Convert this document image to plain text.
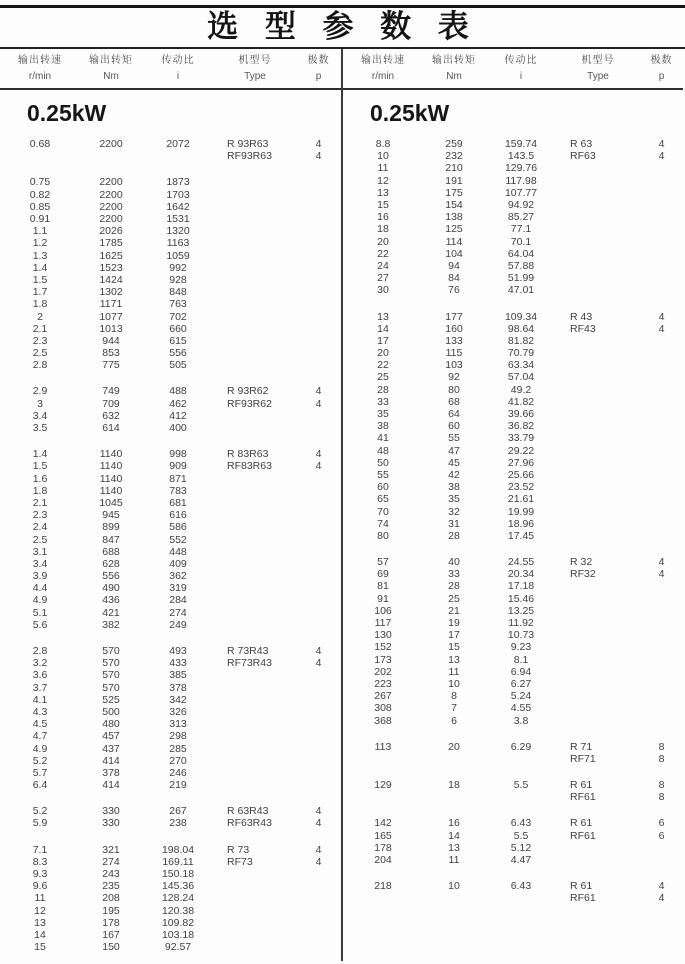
选 型 参 数 表
输出转速
r/min
输出转矩
Nm
传动比
i
机型号
Type
极数
p
0.25kW
0.68	2200	2072	R 93R63	4
RF93R63	4
0.75	2200	1873
0.82	2200	1703
0.85	2200	1642
0.91	2200	1531
1.1	2026	1320
1.2	1785	1163
1.3	1625	1059
1.4	1523	992
1.5	1424	928
1.7	1302	848
1.8	1171	763
2	1077	702
2.1	1013	660
2.3	944	615
2.5	853	556
2.8	775	505
2.9	749	488	R 93R62	4
3	709	462	RF93R62	4
3.4	632	412
3.5	614	400
1.4	1140	998	R 83R63	4
1.5	1140	909	RF83R63	4
1.6	1140	871
1.8	1140	783
2.1	1045	681
2.3	945	616
2.4	899	586
2.5	847	552
3.1	688	448
3.4	628	409
3.9	556	362
4.4	490	319
4.9	436	284
5.1	421	274
5.6	382	249
2.8	570	493	R 73R43	4
3.2	570	433	RF73R43	4
3.6	570	385
3.7	570	378
4.1	525	342
4.3	500	326
4.5	480	313
4.7	457	298
4.9	437	285
5.2	414	270
5.7	378	246
6.4	414	219
5.2	330	267	R 63R43	4
5.9	330	238	RF63R43	4
7.1	321	198.04	R 73	4
8.3	274	169.11	RF73	4
9.3	243	150.18
9.6	235	145.36
11	208	128.24
12	195	120.38
13	178	109.82
14	167	103.18
15	150	92.57
输出转速
r/min
输出转矩
Nm
传动比
i
机型号
Type
极数
p
0.25kW
8.8	259	159.74	R 63	4
10	232	143.5	RF63	4
11	210	129.76
12	191	117.98
13	175	107.77
15	154	94.92
16	138	85.27
18	125	77.1
20	114	70.1
22	104	64.04
24	94	57.88
27	84	51.99
30	76	47.01
13	177	109.34	R 43	4
14	160	98.64	RF43	4
17	133	81.82
20	115	70.79
22	103	63.34
25	92	57.04
28	80	49.2
33	68	41.82
35	64	39.66
38	60	36.82
41	55	33.79
48	47	29.22
50	45	27.96
55	42	25.66
60	38	23.52
65	35	21.61
70	32	19.99
74	31	18.96
80	28	17.45
57	40	24.55	R 32	4
69	33	20.34	RF32	4
81	28	17.18
91	25	15.46
106	21	13.25
117	19	11.92
130	17	10.73
152	15	9.23
173	13	8.1
202	11	6.94
223	10	6.27
267	8	5.24
308	7	4.55
368	6	3.8
113	20	6.29	R 71	8
RF71	8
129	18	5.5	R 61	8
RF61	8
142	16	6.43	R 61	6
165	14	5.5	RF61	6
178	13	5.12
204	11	4.47
218	10	6.43	R 61	4
RF61	4
